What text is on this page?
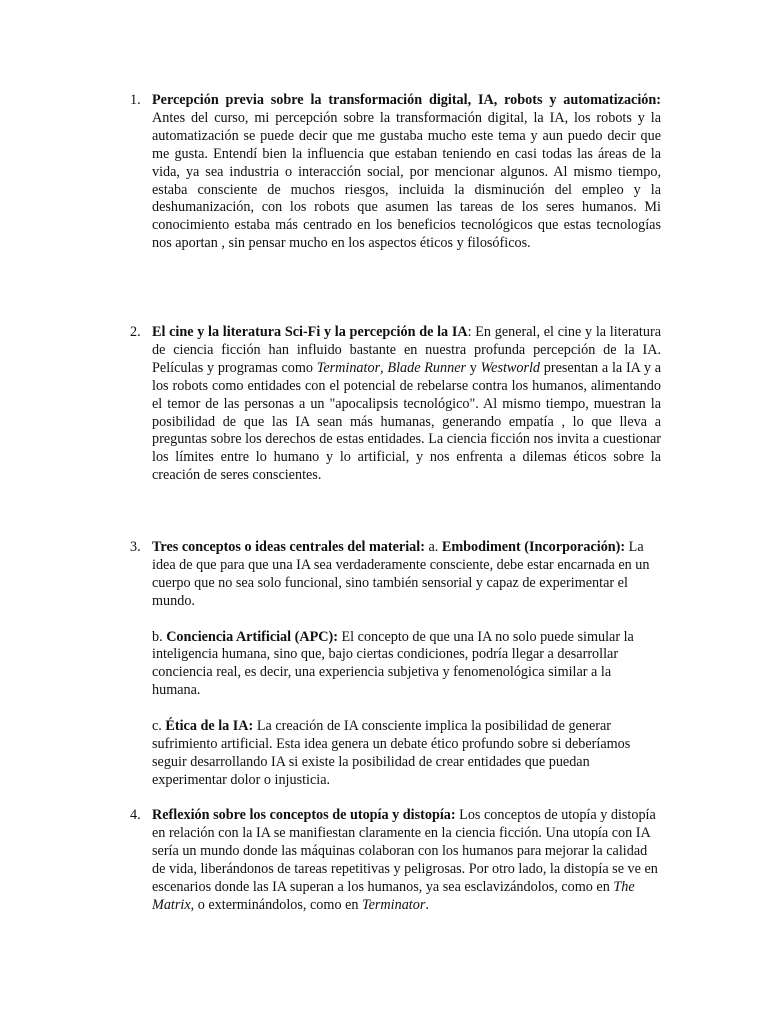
1. Percepción previa sobre la transformación digital, IA, robots y automatización: Antes del curso, mi percepción sobre la transformación digital, la IA, los robots y la automatización se puede decir que me gustaba mucho este tema y aun puedo decir que me gusta. Entendí bien la influencia que estaban teniendo en casi todas las áreas de la vida, ya sea industria o interacción social, por mencionar algunos. Al mismo tiempo, estaba consciente de muchos riesgos, incluida la disminución del empleo y la deshumanización, con los robots que asumen las tareas de los seres humanos. Mi conocimiento estaba más centrado en los beneficios tecnológicos que estas tecnologías nos aportan , sin pensar mucho en los aspectos éticos y filosóficos.

2. El cine y la literatura Sci-Fi y la percepción de la IA: En general, el cine y la literatura de ciencia ficción han influido bastante en nuestra profunda percepción de la IA. Películas y programas como Terminator, Blade Runner y Westworld presentan a la IA y a los robots como entidades con el potencial de rebelarse contra los humanos, alimentando el temor de las personas a un "apocalipsis tecnológico". Al mismo tiempo, muestran la posibilidad de que las IA sean más humanas, generando empatía , lo que lleva a preguntas sobre los derechos de estas entidades. La ciencia ficción nos invita a cuestionar los límites entre lo humano y lo artificial, y nos enfrenta a dilemas éticos sobre la creación de seres conscientes.

3. Tres conceptos o ideas centrales del material: a. Embodiment (Incorporación): La idea de que para que una IA sea verdaderamente consciente, debe estar encarnada en un cuerpo que no sea solo funcional, sino también sensorial y capaz de experimentar el mundo.

b. Conciencia Artificial (APC): El concepto de que una IA no solo puede simular la inteligencia humana, sino que, bajo ciertas condiciones, podría llegar a desarrollar conciencia real, es decir, una experiencia subjetiva y fenomenológica similar a la humana.

c. Ética de la IA: La creación de IA consciente implica la posibilidad de generar sufrimiento artificial. Esta idea genera un debate ético profundo sobre si deberíamos seguir desarrollando IA si existe la posibilidad de crear entidades que puedan experimentar dolor o injusticia.

4. Reflexión sobre los conceptos de utopía y distopía: Los conceptos de utopía y distopía en relación con la IA se manifiestan claramente en la ciencia ficción. Una utopía con IA sería un mundo donde las máquinas colaboran con los humanos para mejorar la calidad de vida, liberándonos de tareas repetitivas y peligrosas. Por otro lado, la distopía se ve en escenarios donde las IA superan a los humanos, ya sea esclavizándolos, como en The Matrix, o exterminándolos, como en Terminator.
